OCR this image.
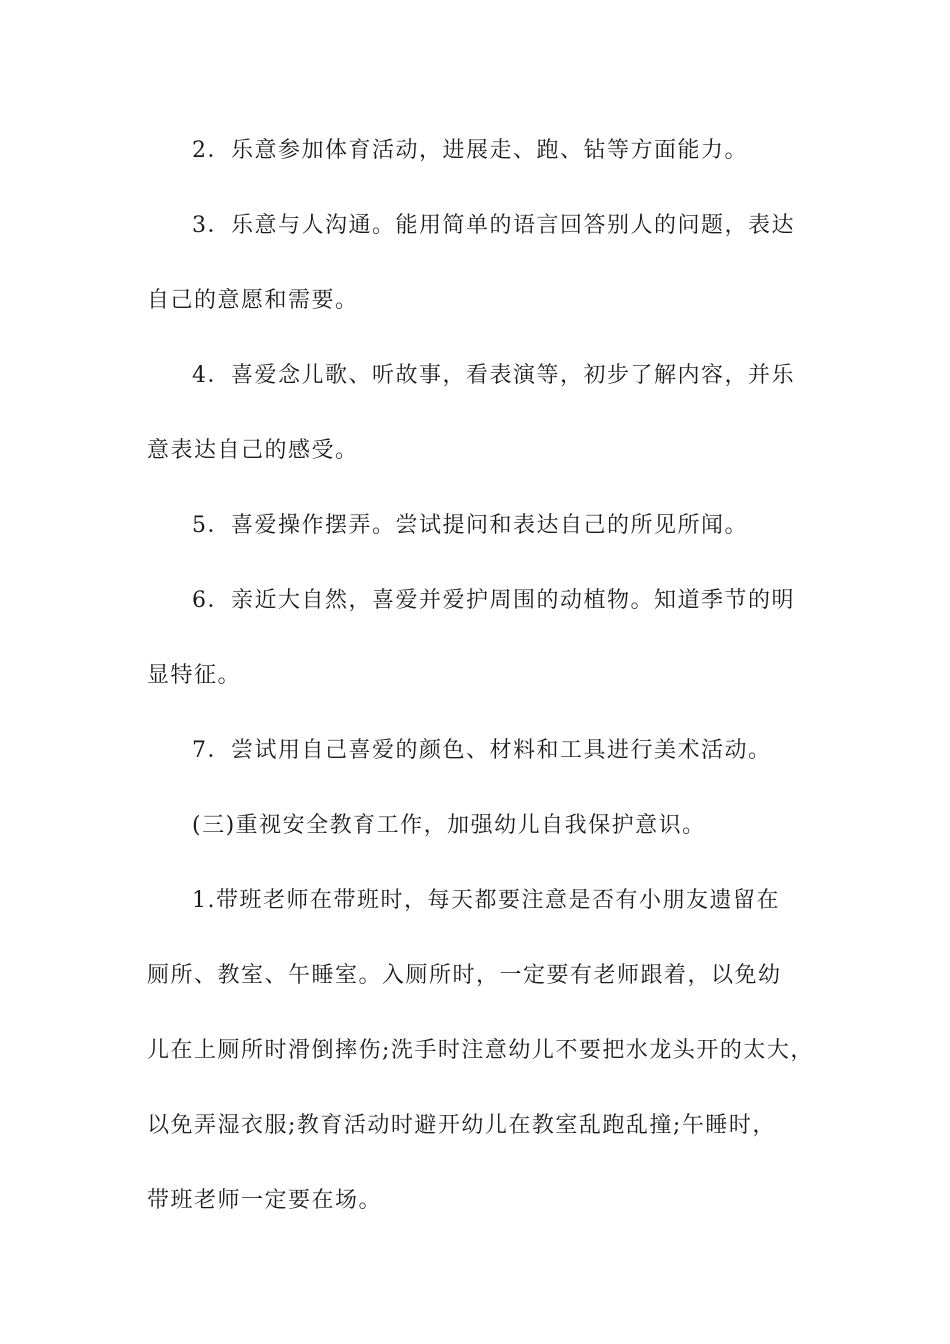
2．乐意参加体育活动，进展走、跑、钻等方面能力。
3．乐意与人沟通。能用简单的语言回答别人的问题，表达
自己的意愿和需要。
4．喜爱念儿歌、听故事，看表演等，初步了解内容，并乐
意表达自己的感受。
5．喜爱操作摆弄。尝试提问和表达自己的所见所闻。
6．亲近大自然，喜爱并爱护周围的动植物。知道季节的明
显特征。
7．尝试用自己喜爱的颜色、材料和工具进行美术活动。
(三)重视安全教育工作，加强幼儿自我保护意识。
1.带班老师在带班时，每天都要注意是否有小朋友遗留在
厕所、教室、午睡室。入厕所时，一定要有老师跟着，以免幼
儿在上厕所时滑倒摔伤;洗手时注意幼儿不要把水龙头开的太大，
以免弄湿衣服;教育活动时避开幼儿在教室乱跑乱撞;午睡时，
带班老师一定要在场。
